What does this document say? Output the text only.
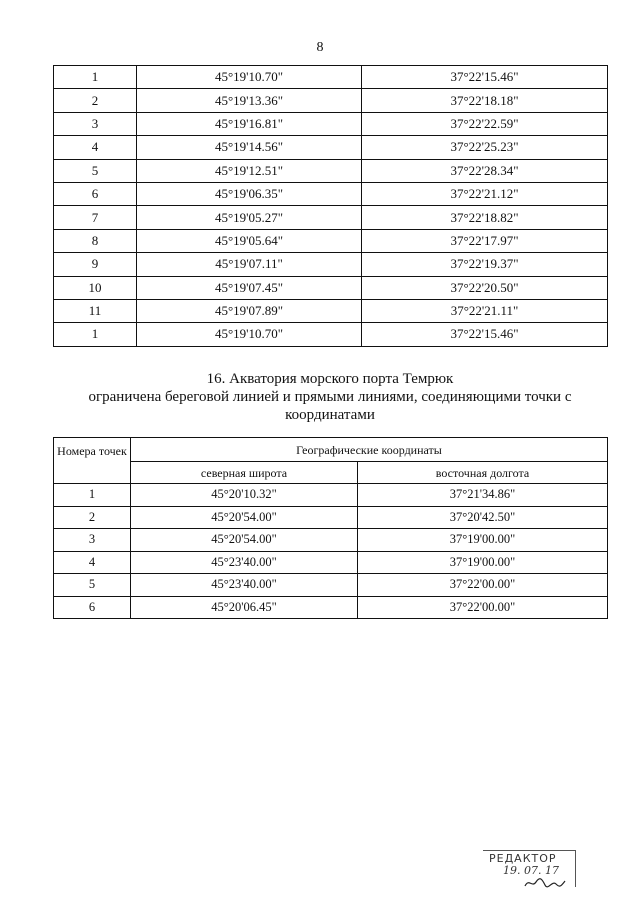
8
1	45°19'10.70"	37°22'15.46"
2	45°19'13.36"	37°22'18.18"
3	45°19'16.81"	37°22'22.59"
4	45°19'14.56"	37°22'25.23"
5	45°19'12.51"	37°22'28.34"
6	45°19'06.35"	37°22'21.12"
7	45°19'05.27"	37°22'18.82"
8	45°19'05.64"	37°22'17.97"
9	45°19'07.11"	37°22'19.37"
10	45°19'07.45"	37°22'20.50"
11	45°19'07.89"	37°22'21.11"
1	45°19'10.70"	37°22'15.46"
16. Акватория морского порта Темрюк
ограничена береговой линией и прямыми линиями, соединяющими точки с координатами
Номера точек	Географические координаты	
	северная широта	восточная долгота
1	45°20'10.32"	37°21'34.86"
2	45°20'54.00"	37°20'42.50"
3	45°20'54.00"	37°19'00.00"
4	45°23'40.00"	37°19'00.00"
5	45°23'40.00"	37°22'00.00"
6	45°20'06.45"	37°22'00.00"
РЕДАКТОР
19. 07. 17
